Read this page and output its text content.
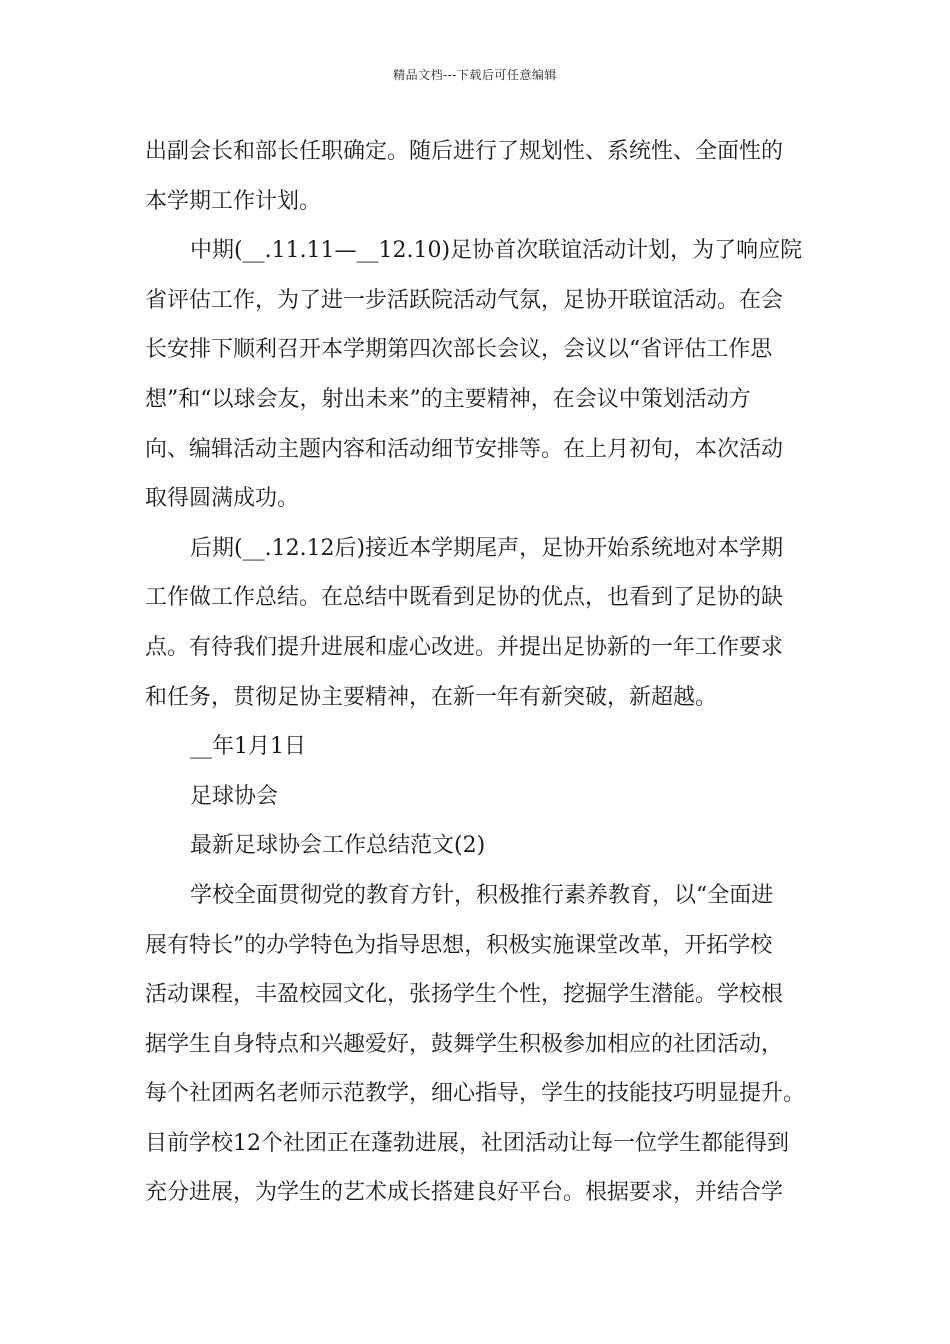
精品文档---下载后可任意编辑
出副会长和部长任职确定。随后进行了规划性、系统性、全面性的
本学期工作计划。
中期(__.11.11—__12.10)足协首次联谊活动计划，为了响应院
省评估工作，为了进一步活跃院活动气氛，足协开联谊活动。在会
长安排下顺利召开本学期第四次部长会议，会议以“省评估工作思
想”和“以球会友，射出未来”的主要精神，在会议中策划活动方
向、编辑活动主题内容和活动细节安排等。在上月初旬，本次活动
取得圆满成功。
后期(__.12.12后)接近本学期尾声，足协开始系统地对本学期
工作做工作总结。在总结中既看到足协的优点，也看到了足协的缺
点。有待我们提升进展和虚心改进。并提出足协新的一年工作要求
和任务，贯彻足协主要精神，在新一年有新突破，新超越。
__年1月1日
足球协会
最新足球协会工作总结范文(2)
学校全面贯彻党的教育方针，积极推行素养教育，以“全面进
展有特长”的办学特色为指导思想，积极实施课堂改革，开拓学校
活动课程，丰盈校园文化，张扬学生个性，挖掘学生潜能。学校根
据学生自身特点和兴趣爱好，鼓舞学生积极参加相应的社团活动，
每个社团两名老师示范教学，细心指导，学生的技能技巧明显提升。
目前学校12个社团正在蓬勃进展，社团活动让每一位学生都能得到
充分进展，为学生的艺术成长搭建良好平台。根据要求，并结合学
